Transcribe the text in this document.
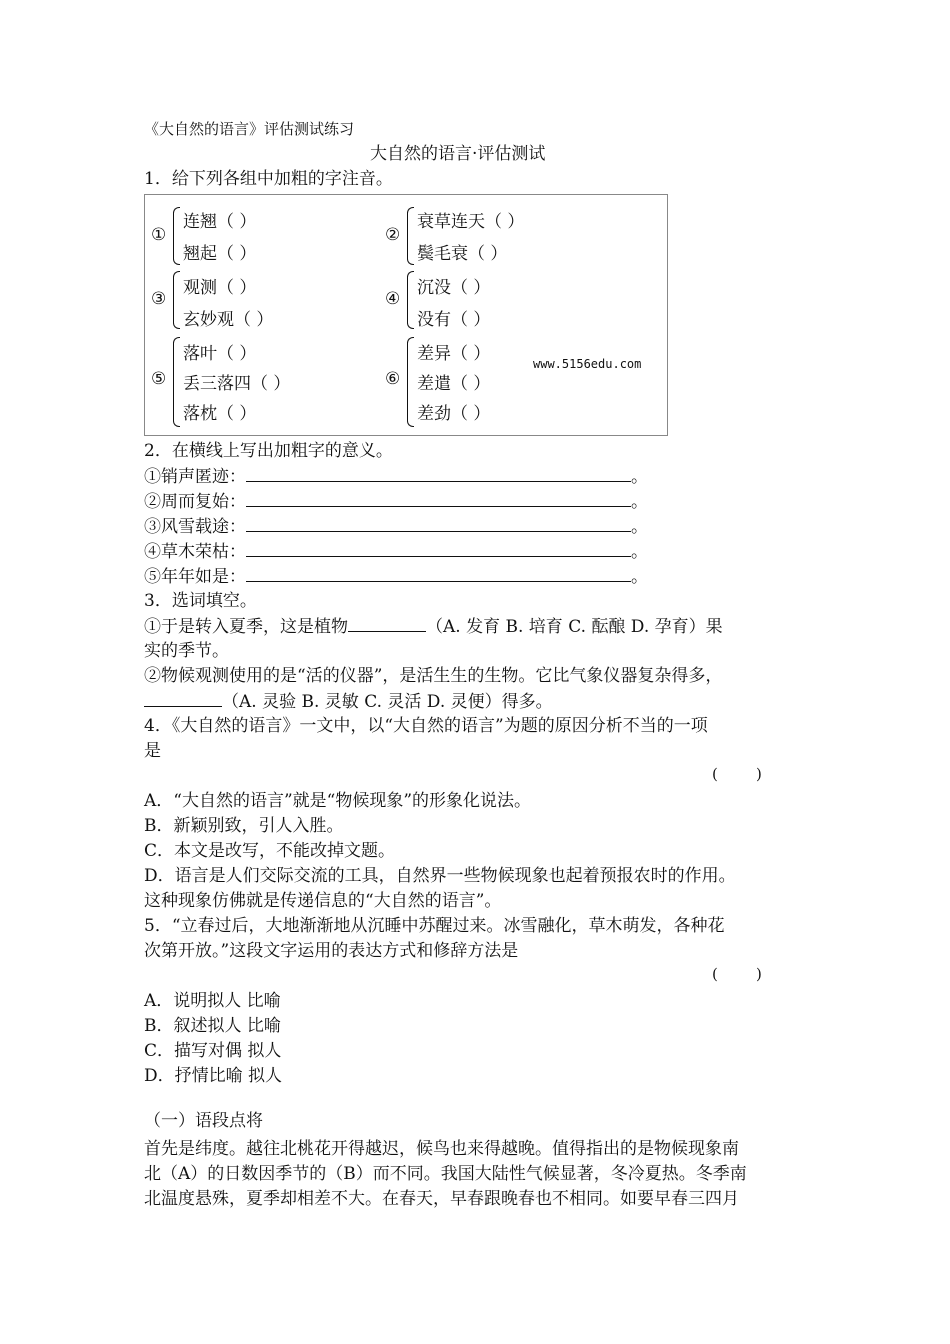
《大自然的语言》评估测试练习
大自然的语言·评估测试
1．给下列各组中加粗的字注音。
①
连翘（ ）
翘起（ ）
②
衰草连天（ ）
鬓毛衰（ ）
③
观测（ ）
玄妙观（ ）
④
沉没（ ）
没有（ ）
⑤
落叶（ ）
丢三落四（ ）
落枕（ ）
⑥
差异（ ）
差遣（ ）
差劲（ ）
www.5156edu.com
2．在横线上写出加粗字的意义。
①销声匿迹：	。
②周而复始：	。
③风雪载途：	。
④草木荣枯：	。
⑤年年如是：	。
3．选词填空。
①于是转入夏季，这是植物	（A. 发育 B. 培育 C. 酝酿 D. 孕育）果
实的季节。
②物候观测使用的是“活的仪器”，是活生生的生物。它比气象仪器复杂得多，
（A. 灵验 B. 灵敏 C. 灵活 D. 灵便）得多。
4．《大自然的语言》一文中，以“大自然的语言”为题的原因分析不当的一项
是
(        )
A．“大自然的语言”就是“物候现象”的形象化说法。
B．新颖别致，引人入胜。
C．本文是改写，不能改掉文题。
D．语言是人们交际交流的工具，自然界一些物候现象也起着预报农时的作用。
这种现象仿佛就是传递信息的“大自然的语言”。
5．“立春过后，大地渐渐地从沉睡中苏醒过来。冰雪融化，草木萌发，各种花
次第开放。”这段文字运用的表达方式和修辞方法是
(        )
A．说明拟人 比喻
B．叙述拟人 比喻
C．描写对偶 拟人
D．抒情比喻 拟人
（一）语段点将
首先是纬度。越往北桃花开得越迟，候鸟也来得越晚。值得指出的是物候现象南
北（A）的日数因季节的（B）而不同。我国大陆性气候显著，冬冷夏热。冬季南
北温度悬殊，夏季却相差不大。在春天，早春跟晚春也不相同。如要早春三四月
